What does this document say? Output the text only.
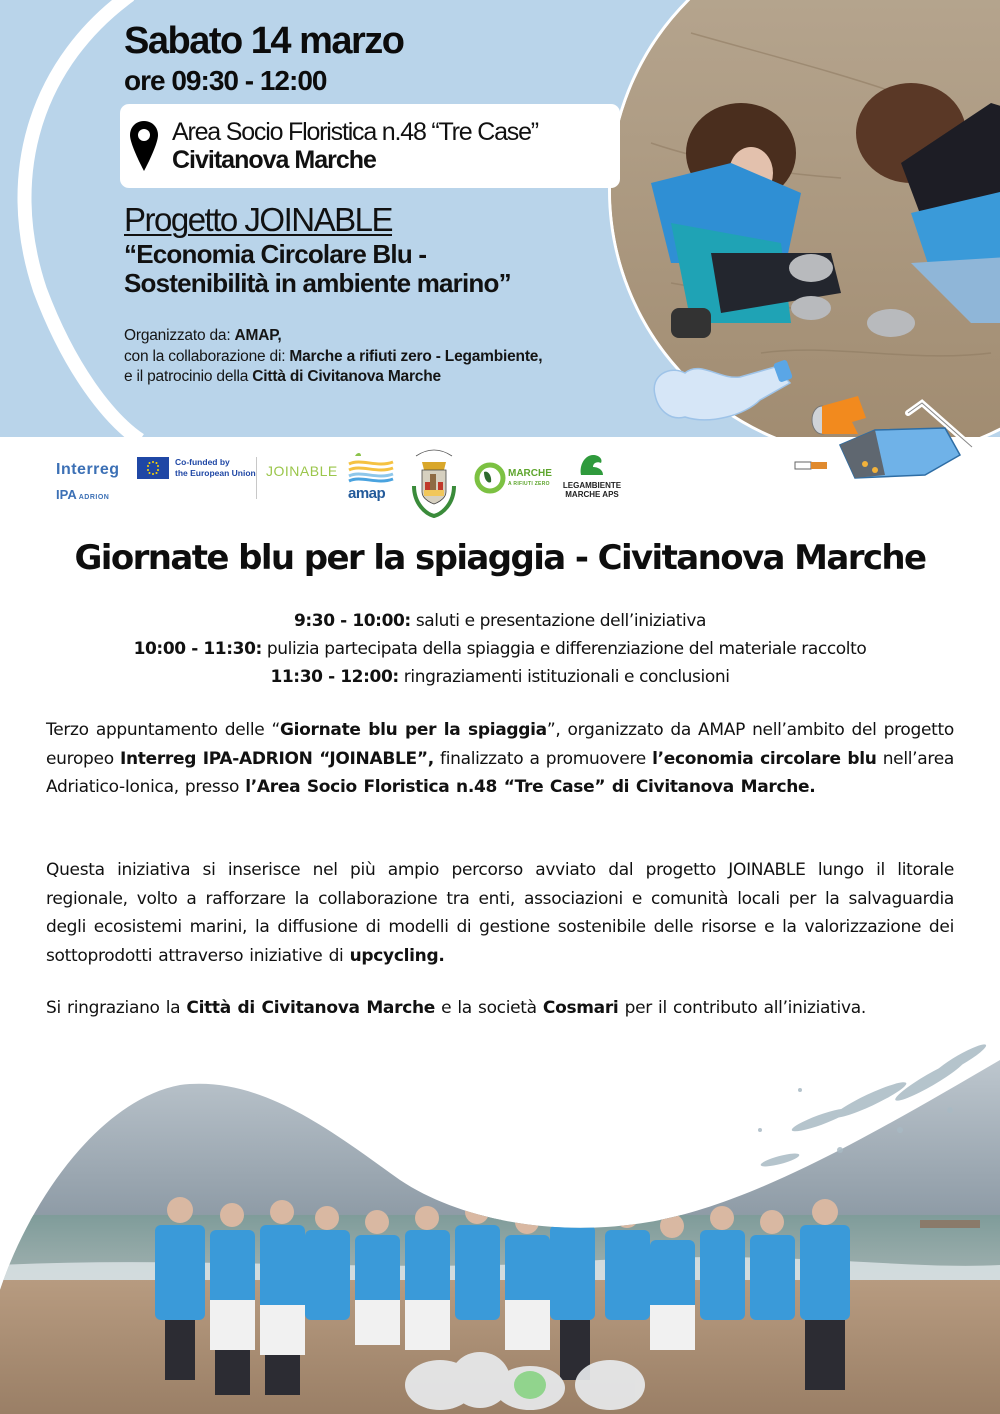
Sabato 14 marzo
ore 09:30 - 12:00
Area Socio Floristica n.48 “Tre Case”
Civitanova Marche
Progetto JOINABLE
“Economia Circolare Blu -
Sostenibilità in ambiente marino”
Organizzato da: AMAP,
con la collaborazione di: Marche a rifiuti zero - Legambiente,
e il patrocinio della Città di Civitanova Marche
Interreg
IPA ADRION
Co-funded by
the European Union JOINABLE
amap
MARCHE
A RIFIUTI ZERO	LEGAMBIENTE
MARCHE APS
Giornate blu per la spiaggia - Civitanova Marche
9:30 - 10:00: saluti e presentazione dell’iniziativa
10:00 - 11:30: pulizia partecipata della spiaggia e differenziazione del materiale raccolto
11:30 - 12:00: ringraziamenti istituzionali e conclusioni

Terzo appuntamento delle “Giornate blu per la spiaggia”, organizzato da AMAP nell’ambito del progetto europeo Interreg IPA-ADRION “JOINABLE”, finalizzato a promuovere l’economia circolare blu nell’area Adriatico-Ionica, presso l’Area Socio Floristica n.48 “Tre Case” di Civitanova Marche.

Questa iniziativa si inserisce nel più ampio percorso avviato dal progetto JOINABLE lungo il litorale regionale, volto a rafforzare la collaborazione tra enti, associazioni e comunità locali per la salvaguardia degli ecosistemi marini, la diffusione di modelli di gestione sostenibile delle risorse e la valorizzazione dei sottoprodotti attraverso iniziative di upcycling.

Si ringraziano la Città di Civitanova Marche e la società Cosmari per il contributo all’iniziativa.
